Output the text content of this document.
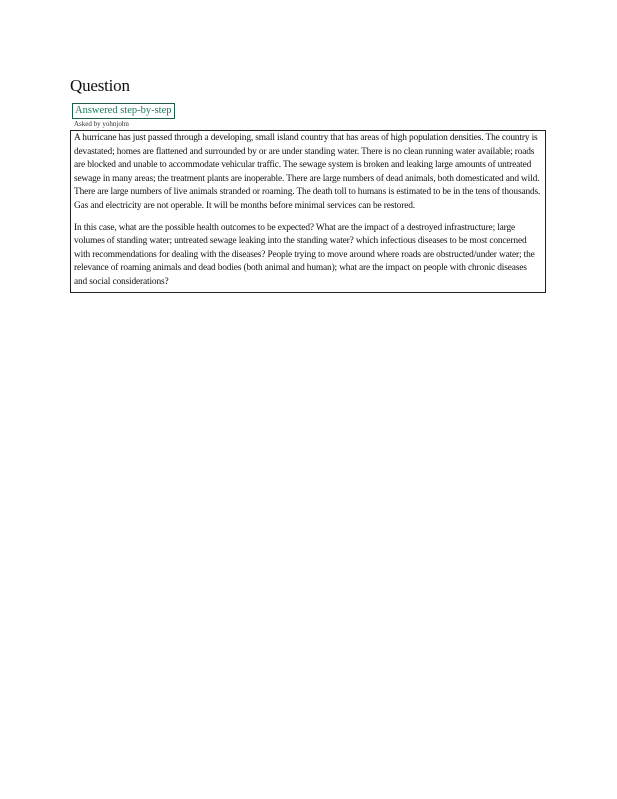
Question
Answered step-by-step
Asked by yohnjohn

A hurricane has just passed through a developing, small island country that has areas of high population densities. The country is devastated; homes are flattened and surrounded by or are under standing water. There is no clean running water available; roads are blocked and unable to accommodate vehicular traffic. The sewage system is broken and leaking large amounts of untreated sewage in many areas; the treatment plants are inoperable. There are large numbers of dead animals, both domesticated and wild. There are large numbers of live animals stranded or roaming. The death toll to humans is estimated to be in the tens of thousands. Gas and electricity are not operable. It will be months before minimal services can be restored.

In this case, what are the possible health outcomes to be expected? What are the impact of a destroyed infrastructure; large volumes of standing water; untreated sewage leaking into the standing water? which infectious diseases to be most concerned with recommendations for dealing with the diseases? People trying to move around where roads are obstructed/under water; the relevance of roaming animals and dead bodies (both animal and human); what are the impact on people with chronic diseases and social considerations?
